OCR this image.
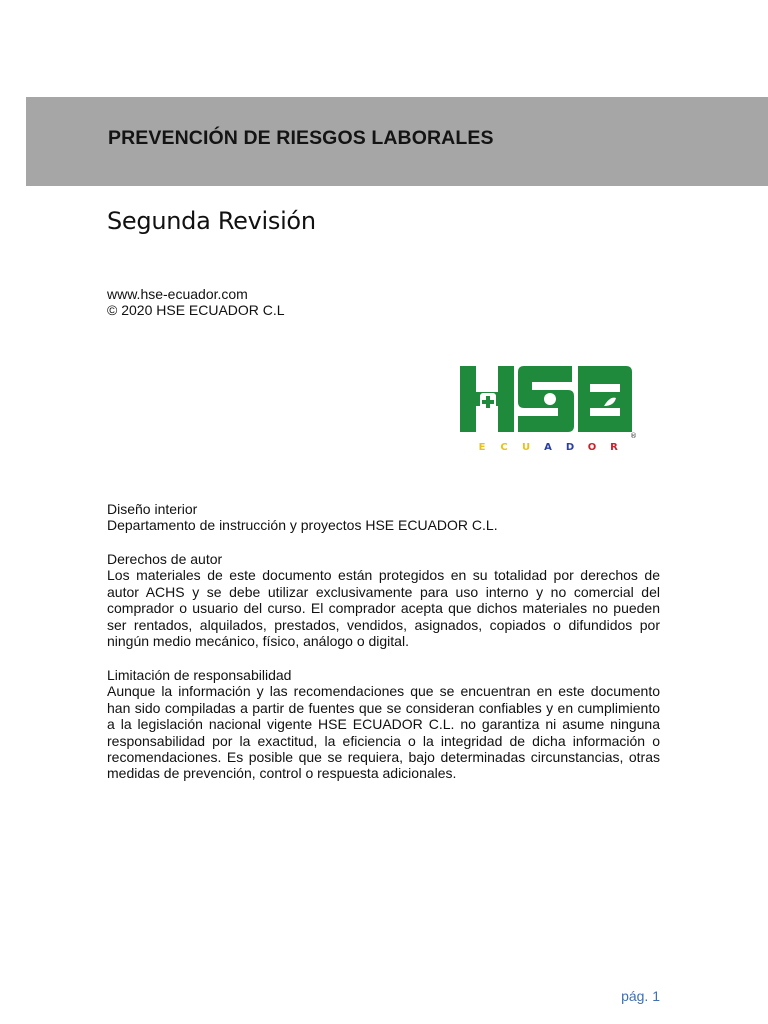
PREVENCIÓN DE RIESGOS LABORALES
Segunda Revisión
www.hse-ecuador.com
© 2020 HSE ECUADOR C.L
E C U A D O R
®
Diseño interior
Departamento de instrucción y proyectos HSE ECUADOR C.L.
Derechos de autor
Los materiales de este documento están protegidos en su totalidad por derechos de autor ACHS y se debe utilizar exclusivamente para uso interno y no comercial del comprador o usuario del curso. El comprador acepta que dichos materiales no pueden ser rentados, alquilados, prestados, vendidos, asignados, copiados o difundidos por ningún medio mecánico, físico, análogo o digital.
Limitación de responsabilidad
Aunque la información y las recomendaciones que se encuentran en este documento han sido compiladas a partir de fuentes que se consideran confiables y en cumplimiento a la legislación nacional vigente HSE ECUADOR C.L. no garantiza ni asume ninguna responsabilidad por la exactitud, la eficiencia o la integridad de dicha información o recomendaciones. Es posible que se requiera, bajo determinadas circunstancias, otras medidas de prevención, control o respuesta adicionales.
pág. 1
